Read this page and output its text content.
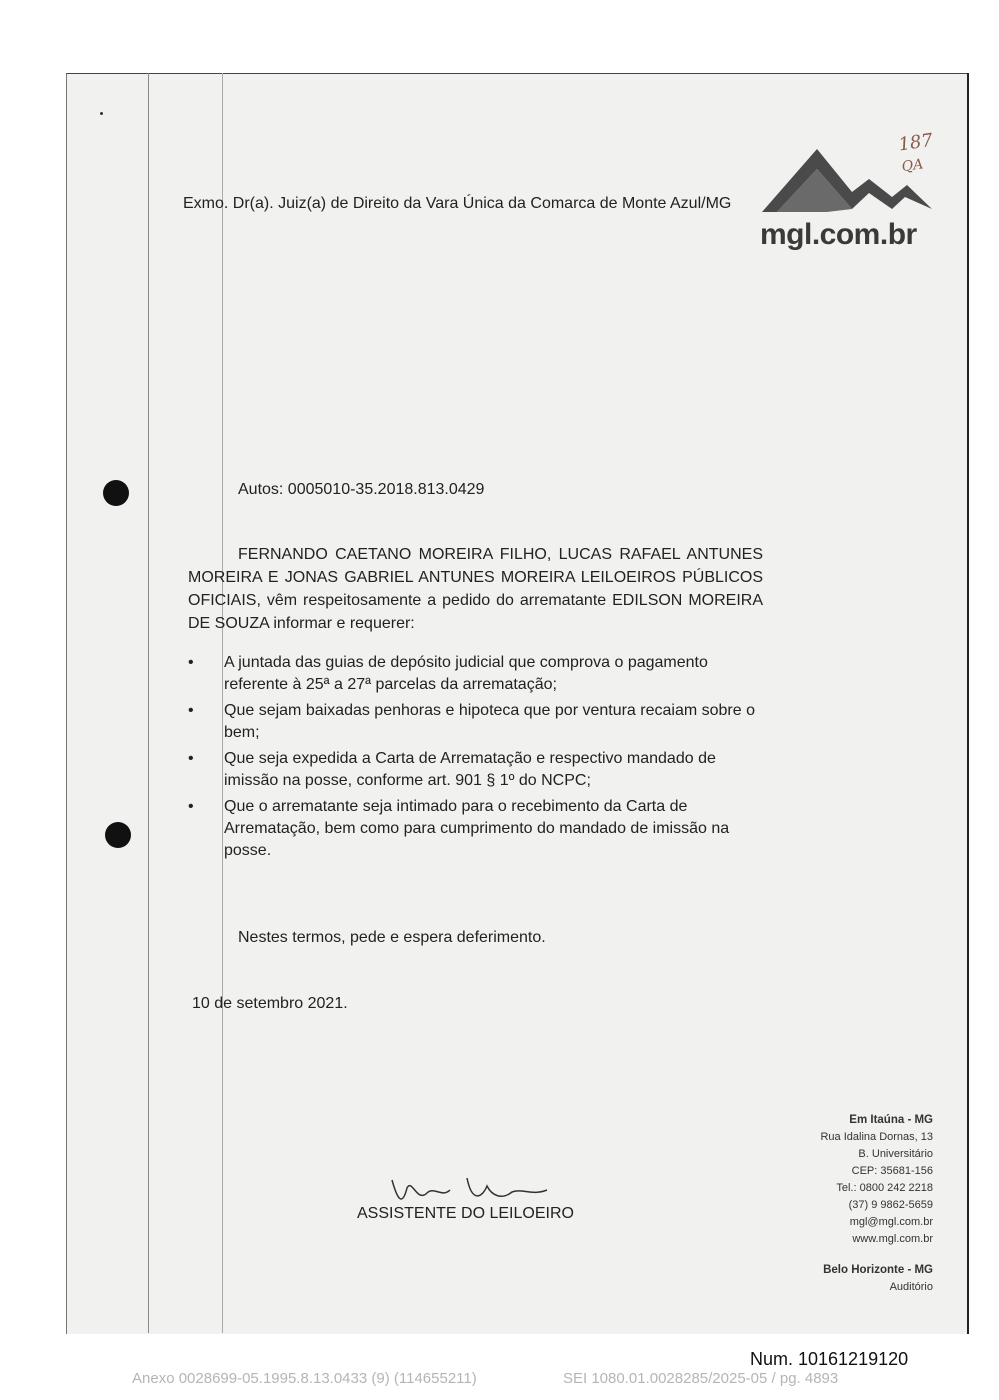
mgl.com.br
187
QA
Exmo. Dr(a). Juiz(a) de Direito da Vara Única da Comarca de Monte Azul/MG
Autos: 0005010-35.2018.813.0429

FERNANDO CAETANO MOREIRA FILHO, LUCAS RAFAEL ANTUNES MOREIRA E JONAS GABRIEL ANTUNES MOREIRA LEILOEIROS PÚBLICOS OFICIAIS, vêm respeitosamente a pedido do arrematante EDILSON MOREIRA DE SOUZA informar e requerer:

• A juntada das guias de depósito judicial que comprova o pagamento referente à 25ª a 27ª parcelas da arrematação;
• Que sejam baixadas penhoras e hipoteca que por ventura recaiam sobre o bem;
• Que seja expedida a Carta de Arrematação e respectivo mandado de imissão na posse, conforme art. 901 § 1º do NCPC;
• Que o arrematante seja intimado para o recebimento da Carta de Arrematação, bem como para cumprimento do mandado de imissão na posse.
Nestes termos, pede e espera deferimento.
10 de setembro 2021.
ASSISTENTE DO LEILOEIRO
Em Itaúna - MG
Rua Idalina Dornas, 13
B. Universitário
CEP: 35681-156
Tel.: 0800 242 2218
(37) 9 9862-5659
mgl@mgl.com.br
www.mgl.com.br
Belo Horizonte - MG
Auditório
Num. 10161219120
Anexo 0028699-05.1995.8.13.0433 (9) (114655211)	SEI 1080.01.0028285/2025-05 / pg. 4893
